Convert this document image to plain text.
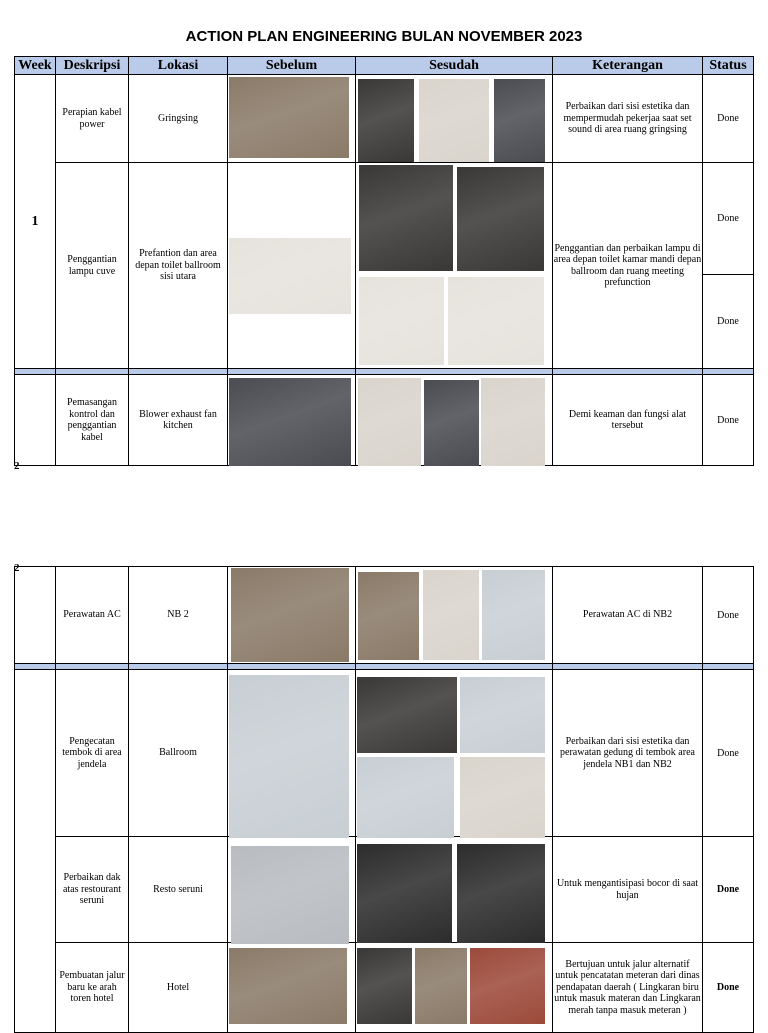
ACTION PLAN ENGINEERING BULAN NOVEMBER 2023
Week	Deskripsi	Lokasi	Sebelum	Sesudah	Keterangan	Status
1	Perapian kabel power	Gringsing			Perbaikan dari sisi estetika dan mempermudah pekerjaa saat set sound di area ruang gringsing	Done
	Penggantian lampu cuve	Prefantion dan area depan toilet ballroom sisi utara			Penggantian dan perbaikan lampu di area depan toilet kamar mandi depan ballroom dan ruang meeting prefunction	Done
						Done

	Pemasangan kontrol dan penggantian kabel	Blower exhaust fan kitchen			Demi keaman dan fungsi alat tersebut	Done
2
2
	Perawatan AC	NB 2			Perawatan AC di NB2	Done

	Pengecatan tembok di area jendela	Ballroom			Perbaikan dari sisi estetika dan perawatan gedung di tembok area jendela NB1 dan NB2	Done
	Perbaikan dak atas restourant seruni	Resto seruni			Untuk mengantisipasi bocor di saat hujan	Done
	Pembuatan jalur baru ke arah toren hotel	Hotel			Bertujuan untuk jalur alternatif untuk pencatatan meteran dari dinas pendapatan daerah ( Lingkaran biru untuk masuk materan dan Lingkaran merah tanpa masuk meteran )	Done
